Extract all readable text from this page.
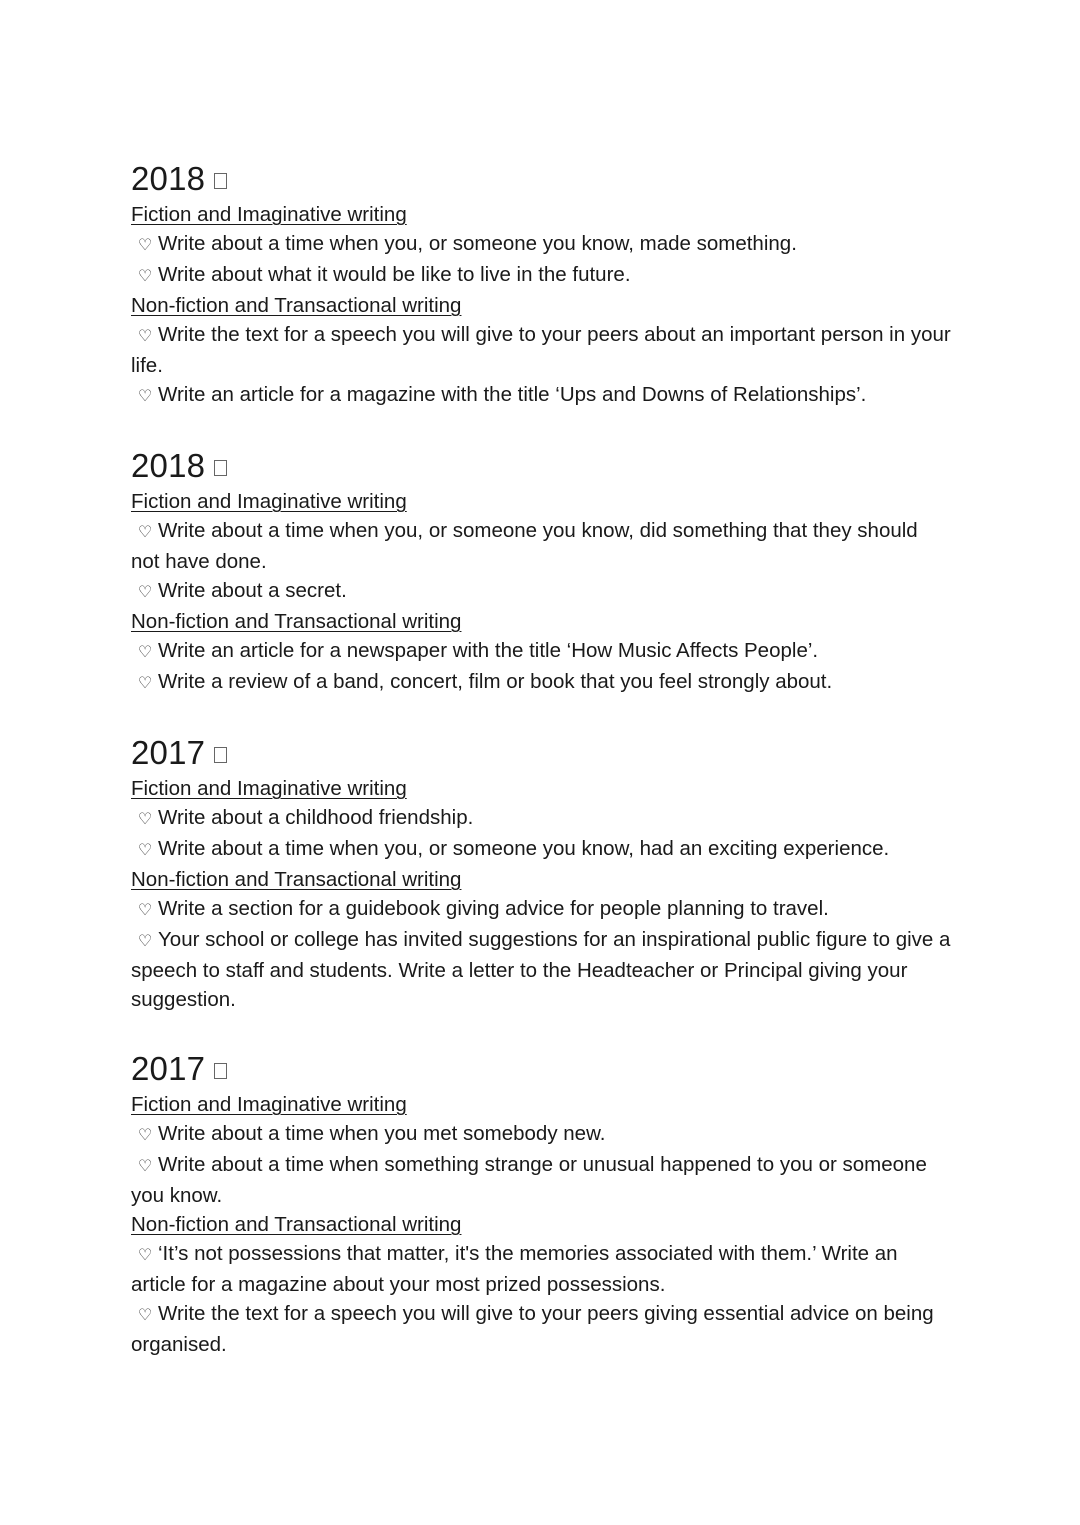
2018
Fiction and Imaginative writing
♡ Write about a time when you, or someone you know, made something.
♡ Write about what it would be like to live in the future.
Non-fiction and Transactional writing
♡ Write the text for a speech you will give to your peers about an important person in your life.
♡ Write an article for a magazine with the title ‘Ups and Downs of Relationships’.
2018
Fiction and Imaginative writing
♡ Write about a time when you, or someone you know, did something that they should not have done.
♡ Write about a secret.
Non-fiction and Transactional writing
♡ Write an article for a newspaper with the title ‘How Music Affects People’.
♡ Write a review of a band, concert, film or book that you feel strongly about.
2017
Fiction and Imaginative writing
♡ Write about a childhood friendship.
♡ Write about a time when you, or someone you know, had an exciting experience.
Non-fiction and Transactional writing
♡ Write a section for a guidebook giving advice for people planning to travel.
♡ Your school or college has invited suggestions for an inspirational public figure to give a speech to staff and students. Write a letter to the Headteacher or Principal giving your suggestion.
2017
Fiction and Imaginative writing
♡ Write about a time when you met somebody new.
♡ Write about a time when something strange or unusual happened to you or someone you know.
Non-fiction and Transactional writing
♡ ‘It’s not possessions that matter, it's the memories associated with them.’ Write an article for a magazine about your most prized possessions.
♡ Write the text for a speech you will give to your peers giving essential advice on being organised.
